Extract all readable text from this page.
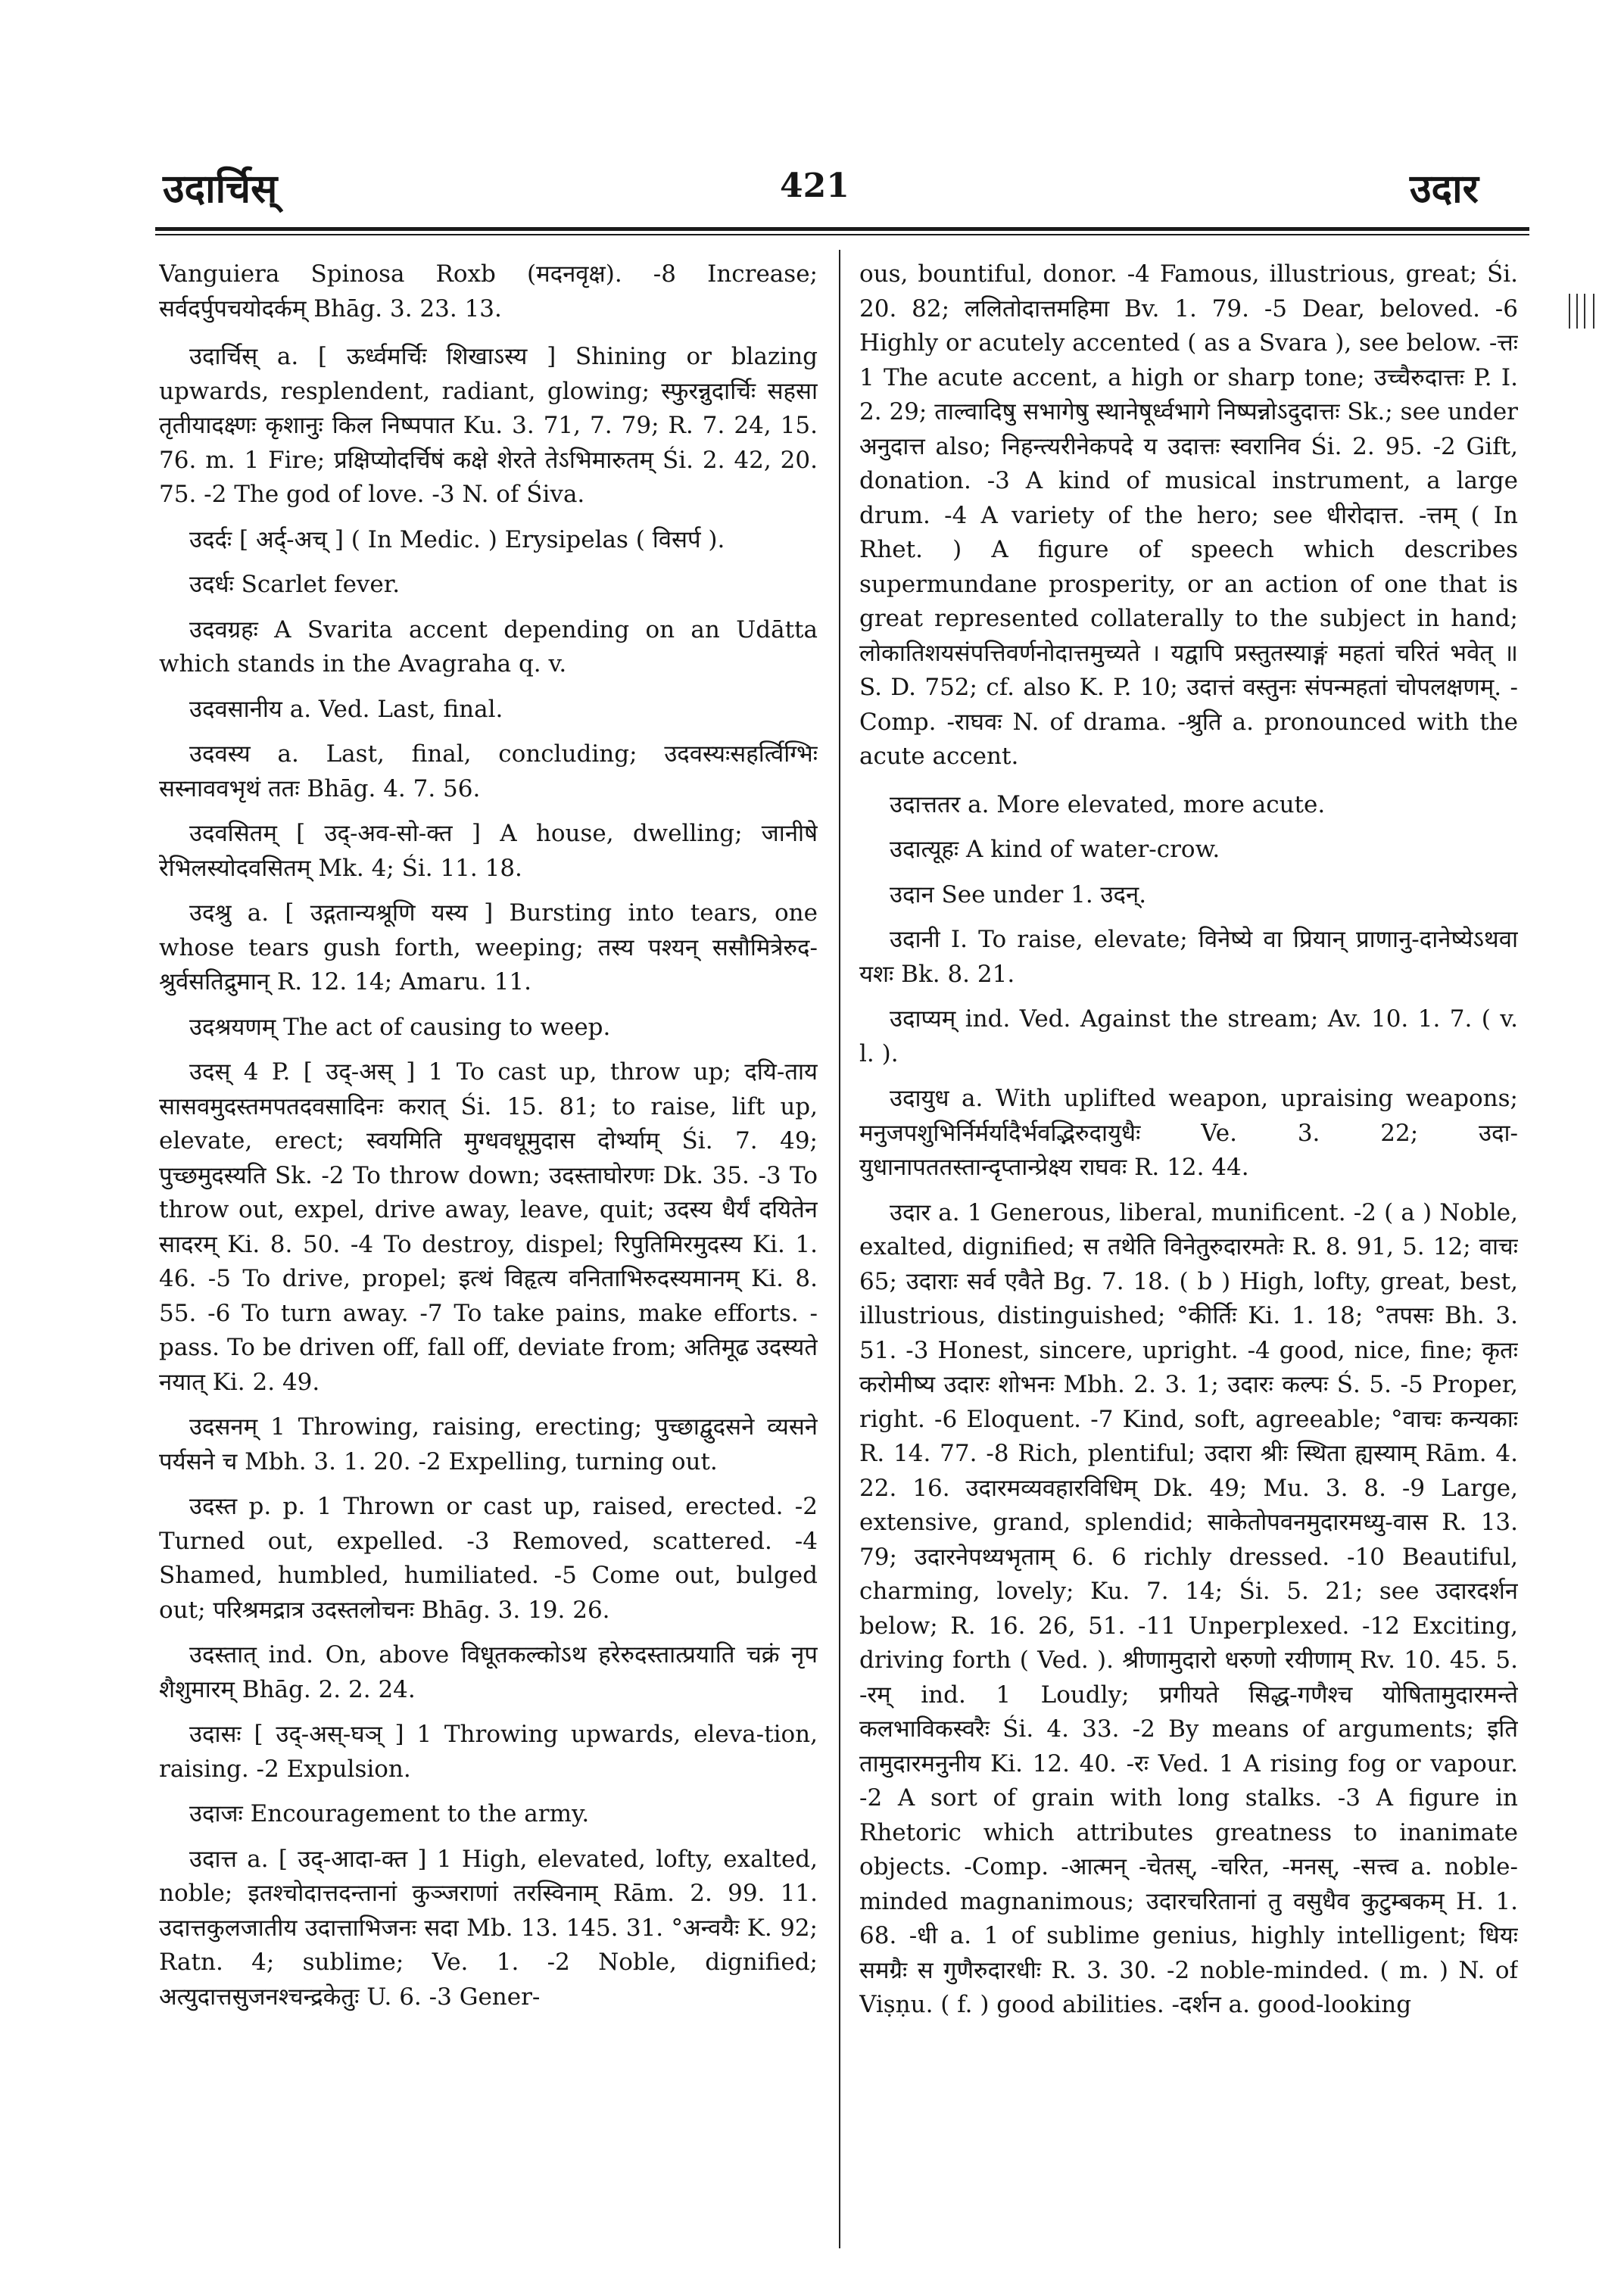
उदार्चिस्	421	उदार

Vanguiera Spinosa Roxb (मदनवृक्ष). -8 Increase; सर्वदर्पुपचयोदर्कम् Bhāg. 3. 23. 13.

उदार्चिस् a. [ ऊर्ध्वमर्चिः शिखाऽस्य ] Shining or blazing upwards, resplendent, radiant, glowing; स्फुरन्नुदार्चिः सहसा तृतीयादक्ष्णः कृशानुः किल निष्पपात Ku. 3. 71, 7. 79; R. 7. 24, 15. 76. m. 1 Fire; प्रक्षिप्योदर्चिषं कक्षे शेरते तेऽभिमारुतम् Śi. 2. 42, 20. 75. -2 The god of love. -3 N. of Śiva.

उदर्दः [ अर्द्-अच् ] ( In Medic. ) Erysipelas ( विसर्प ).

उदर्धः Scarlet fever.

उदवग्रहः A Svarita accent depending on an Udātta which stands in the Avagraha q. v.

उदवसानीय a. Ved. Last, final.

उदवस्य a. Last, final, concluding; उदवस्यःसहर्त्विग्भिः सस्नाववभृथं ततः Bhāg. 4. 7. 56.

उदवसितम् [ उद्-अव-सो-क्त ] A house, dwelling; जानीषे रेभिलस्योदवसितम् Mk. 4; Śi. 11. 18.

उदश्रु a. [ उद्गतान्यश्रूणि यस्य ] Bursting into tears, one whose tears gush forth, weeping; तस्य पश्यन् ससौमित्रेरुद-श्रुर्वसतिद्रुमान् R. 12. 14; Amaru. 11.

उदश्रयणम् The act of causing to weep.

उदस् 4 P. [ उद्-अस् ] 1 To cast up, throw up; दयि-ताय सासवमुदस्तमपतदवसादिनः करात् Śi. 15. 81; to raise, lift up, elevate, erect; स्वयमिति मुग्धवधूमुदास दोर्भ्याम् Śi. 7. 49; पुच्छमुदस्यति Sk. -2 To throw down; उदस्ताघोरणः Dk. 35. -3 To throw out, expel, drive away, leave, quit; उदस्य धैर्यं दयितेन सादरम् Ki. 8. 50. -4 To destroy, dispel; रिपुतिमिरमुदस्य Ki. 1. 46. -5 To drive, propel; इत्थं विहृत्य वनिताभिरुदस्यमानम् Ki. 8. 55. -6 To turn away. -7 To take pains, make efforts. -pass. To be driven off, fall off, deviate from; अतिमूढ उदस्यते नयात् Ki. 2. 49.

उदसनम् 1 Throwing, raising, erecting; पुच्छाद्वुदसने व्यसने पर्यसने च Mbh. 3. 1. 20. -2 Expelling, turning out.

उदस्त p. p. 1 Thrown or cast up, raised, erected. -2 Turned out, expelled. -3 Removed, scattered. -4 Shamed, humbled, humiliated. -5 Come out, bulged out; परिश्रमद्रात्र उदस्तलोचनः Bhāg. 3. 19. 26.

उदस्तात् ind. On, above विधूतकल्कोऽथ हरेरुदस्तात्प्रयाति चक्रं नृप शैशुमारम् Bhāg. 2. 2. 24.

उदासः [ उद्-अस्-घञ् ] 1 Throwing upwards, eleva-tion, raising. -2 Expulsion.

उदाजः Encouragement to the army.

उदात्त a. [ उद्-आदा-क्त ] 1 High, elevated, lofty, exalted, noble; इतश्चोदात्तदन्तानां कुञ्जराणां तरस्विनाम् Rām. 2. 99. 11. उदात्तकुलजातीय उदात्ताभिजनः सदा Mb. 13. 145. 31. °अन्वयैः K. 92; Ratn. 4; sublime; Ve. 1. -2 Noble, dignified; अत्युदात्तसुजनश्चन्द्रकेतुः U. 6. -3 Gener-

ous, bountiful, donor. -4 Famous, illustrious, great; Śi. 20. 82; ललितोदात्तमहिमा Bv. 1. 79. -5 Dear, beloved. -6 Highly or acutely accented ( as a Svara ), see below. -त्तः 1 The acute accent, a high or sharp tone; उच्चैरुदात्तः P. I. 2. 29; ताल्वादिषु सभागेषु स्थानेषूर्ध्वभागे निष्पन्नोऽदुदात्तः Sk.; see under अनुदात्त also; निहन्त्यरीनेकपदे य उदात्तः स्वरानिव Śi. 2. 95. -2 Gift, donation. -3 A kind of musical instrument, a large drum. -4 A variety of the hero; see धीरोदात्त. -त्तम् ( In Rhet. ) A figure of speech which describes supermundane prosperity, or an action of one that is great represented collaterally to the subject in hand; लोकातिशयसंपत्तिवर्णनोदात्तमुच्यते । यद्वापि प्रस्तुतस्याङ्गं महतां चरितं भवेत् ॥ S. D. 752; cf. also K. P. 10; उदात्तं वस्तुनः संपन्महतां चोपलक्षणम्. -Comp. -राघवः N. of drama. -श्रुति a. pronounced with the acute accent.

उदात्ततर a. More elevated, more acute.

उदात्यूहः A kind of water-crow.

उदान See under 1. उदन्.

उदानी I. To raise, elevate; विनेष्ये वा प्रियान् प्राणानु-दानेष्येऽथवा यशः Bk. 8. 21.

उदाप्यम् ind. Ved. Against the stream; Av. 10. 1. 7. ( v. l. ).

उदायुध a. With uplifted weapon, upraising weapons; मनुजपशुभिर्निर्मर्यादैर्भवद्भिरुदायुधैः Ve. 3. 22; उदा-युधानापततस्तान्दृप्तान्प्रेक्ष्य राघवः R. 12. 44.

उदार a. 1 Generous, liberal, munificent. -2 ( a ) Noble, exalted, dignified; स तथेति विनेतुरुदारमतेः R. 8. 91, 5. 12; वाचः 65; उदाराः सर्व एवैते Bg. 7. 18. ( b ) High, lofty, great, best, illustrious, distinguished; °कीर्तिः Ki. 1. 18; °तपसः Bh. 3. 51. -3 Honest, sincere, upright. -4 good, nice, fine; कृतः करोमीष्य उदारः शोभनः Mbh. 2. 3. 1; उदारः कल्पः Ś. 5. -5 Proper, right. -6 Eloquent. -7 Kind, soft, agreeable; °वाचः कन्यकाः R. 14. 77. -8 Rich, plentiful; उदारा श्रीः स्थिता ह्यस्याम् Rām. 4. 22. 16. उदारमव्यवहारविधिम् Dk. 49; Mu. 3. 8. -9 Large, extensive, grand, splendid; साकेतोपवनमुदारमध्यु-वास R. 13. 79; उदारनेपथ्यभृताम् 6. 6 richly dressed. -10 Beautiful, charming, lovely; Ku. 7. 14; Śi. 5. 21; see उदारदर्शन below; R. 16. 26, 51. -11 Unperplexed. -12 Exciting, driving forth ( Ved. ). श्रीणामुदारो धरुणो रयीणाम् Rv. 10. 45. 5. -रम् ind. 1 Loudly; प्रगीयते सिद्ध-गणैश्च योषितामुदारमन्ते कलभाविकस्वरैः Śi. 4. 33. -2 By means of arguments; इति तामुदारमनुनीय Ki. 12. 40. -रः Ved. 1 A rising fog or vapour. -2 A sort of grain with long stalks. -3 A figure in Rhetoric which attributes greatness to inanimate objects. -Comp. -आत्मन् -चेतस्, -चरित, -मनस्, -सत्त्व a. noble-minded magnanimous; उदारचरितानां तु वसुधैव कुटुम्बकम् H. 1. 68. -धी a. 1 of sublime genius, highly intelligent; धियः समग्रैः स गुणैरुदारधीः R. 3. 30. -2 noble-minded. ( m. ) N. of Viṣṇu. ( f. ) good abilities. -दर्शन a. good-looking
